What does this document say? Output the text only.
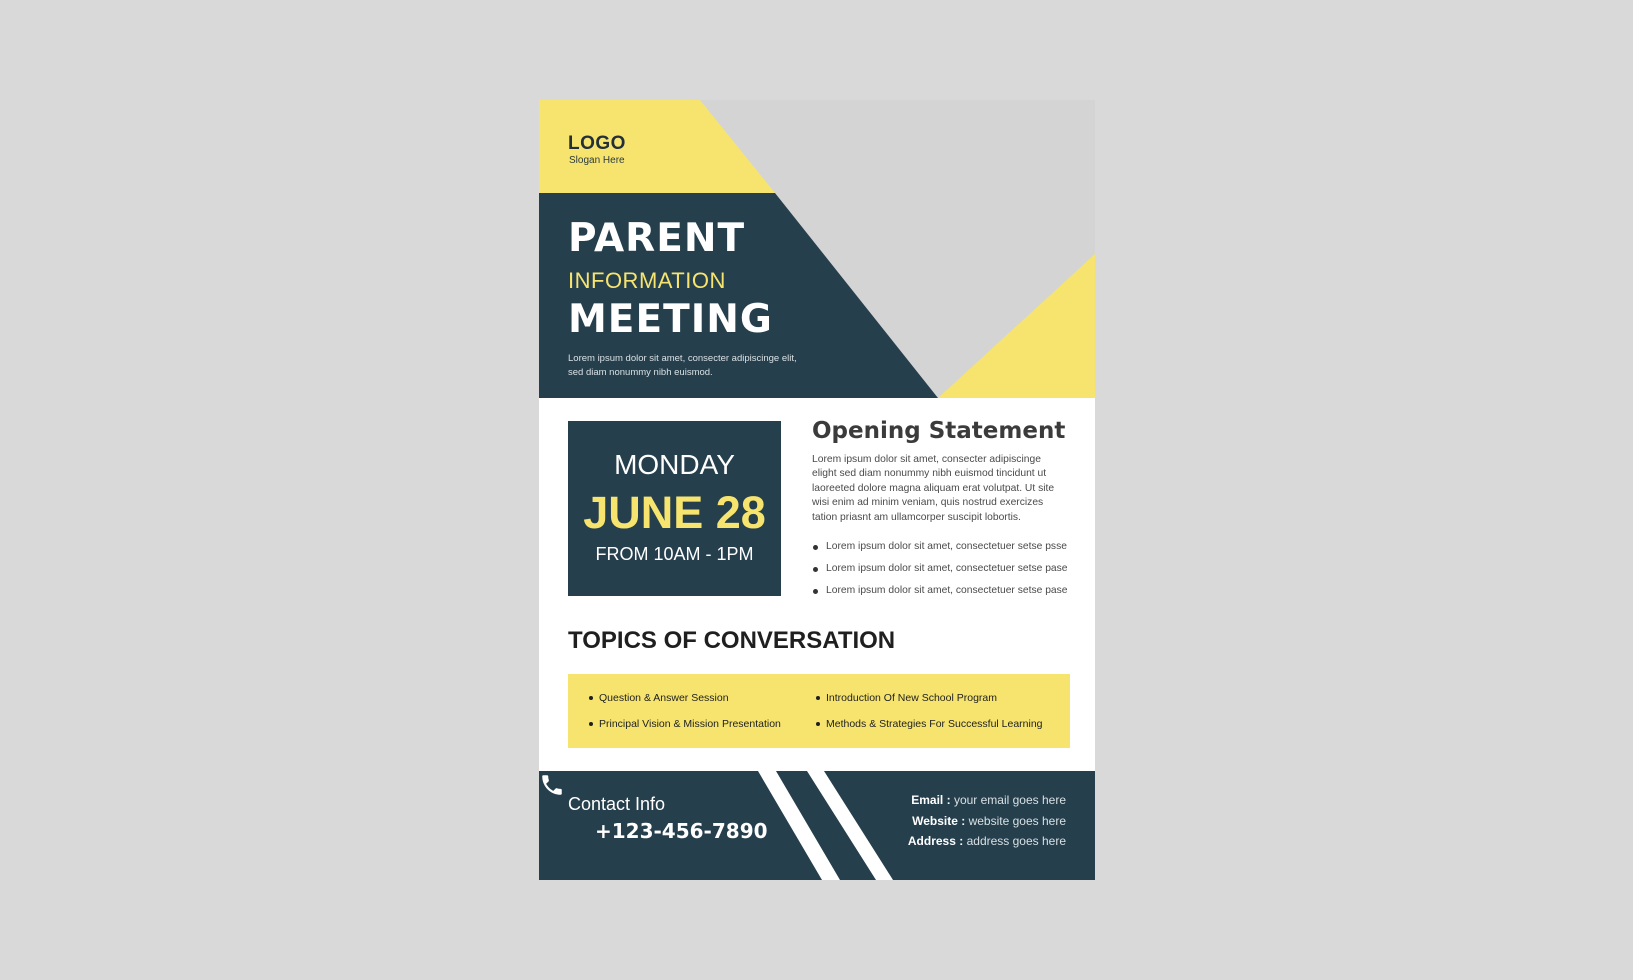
LOGO
Slogan Here
PARENT
INFORMATION
MEETING
Lorem ipsum dolor sit amet, consecter adipiscinge elit, sed diam nonummy nibh euismod.
MONDAY
JUNE 28
FROM 10AM - 1PM
Opening Statement
Lorem ipsum dolor sit amet, consecter adipiscinge elight sed diam nonummy nibh euismod tincidunt ut laoreeted dolore magna aliquam erat volutpat. Ut site wisi enim ad minim veniam, quis nostrud exercizes tation priasnt am ullamcorper suscipit lobortis.
Lorem ipsum dolor sit amet, consectetuer setse psse
Lorem ipsum dolor sit amet, consectetuer setse pase
Lorem ipsum dolor sit amet, consectetuer setse pase
TOPICS OF CONVERSATION
Question & Answer Session	Introduction Of New School Program
Principal Vision & Mission Presentation	Methods & Strategies For Successful Learning
Contact Info
+123-456-7890
Email : your email goes here
Website : website goes here
Address : address goes here
